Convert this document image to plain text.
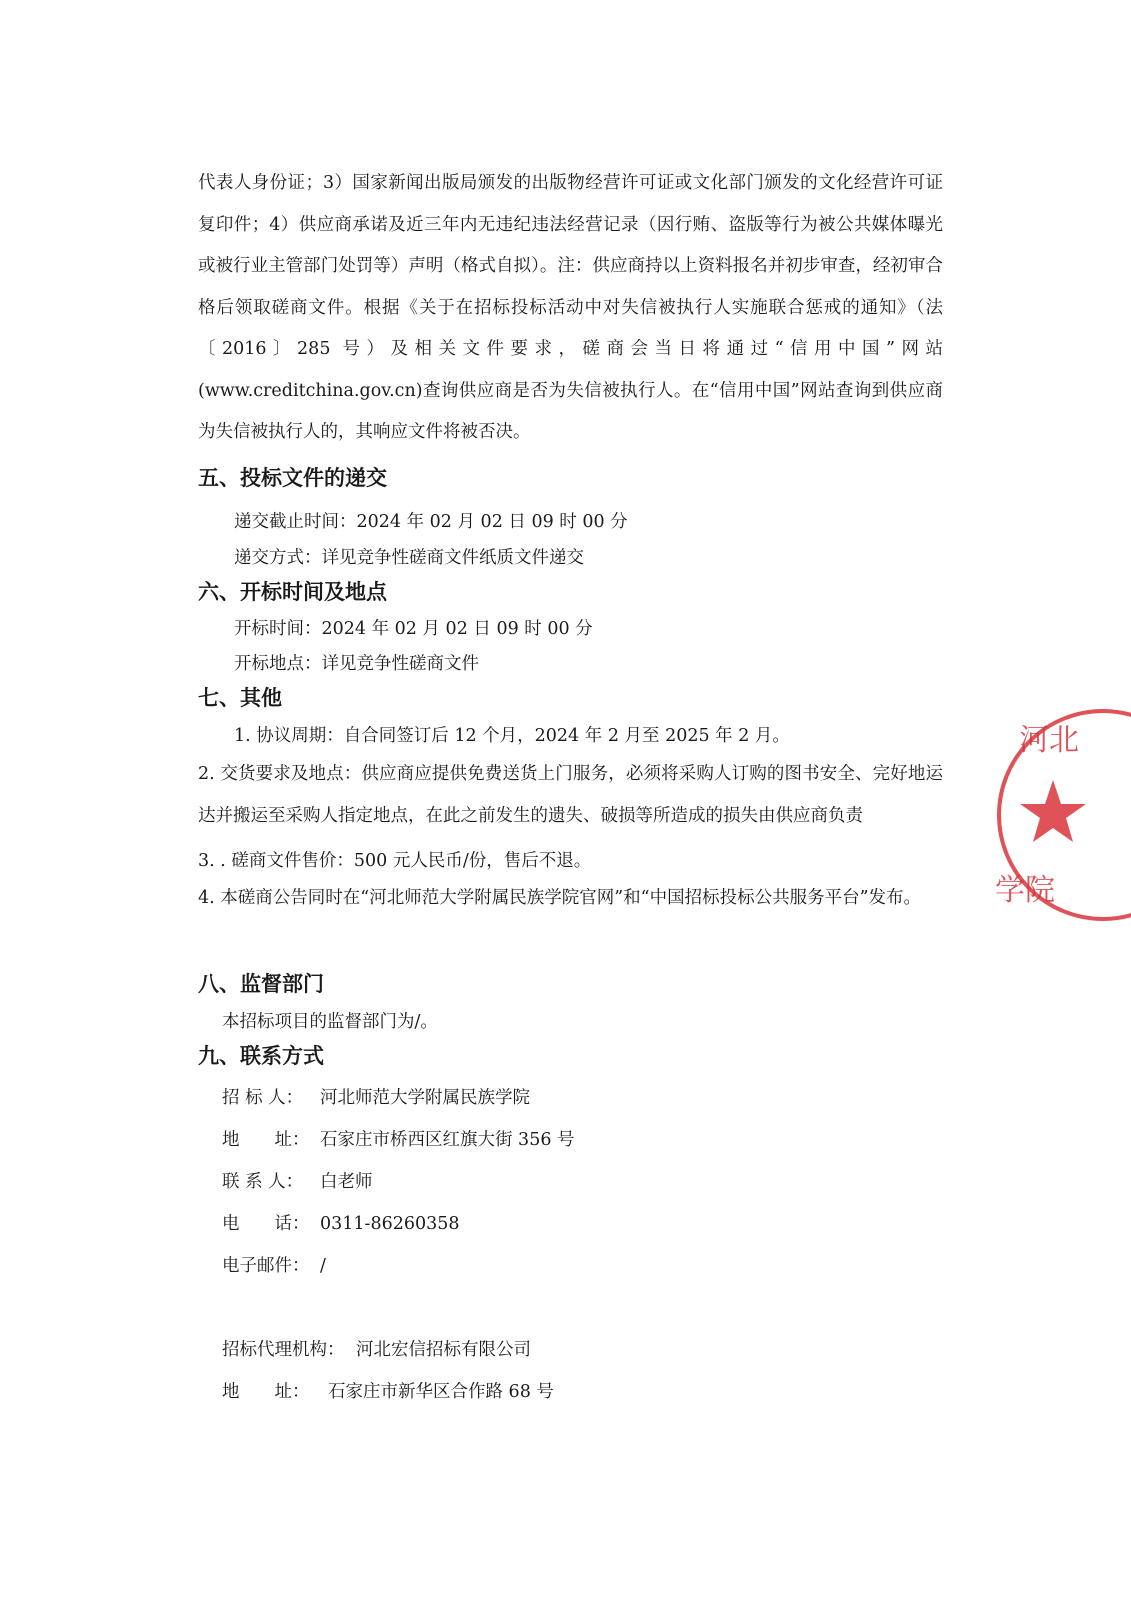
代表人身份证；3）国家新闻出版局颁发的出版物经营许可证或文化部门颁发的文化经营许可证复印件；4）供应商承诺及近三年内无违纪违法经营记录（因行贿、盗版等行为被公共媒体曝光或被行业主管部门处罚等）声明（格式自拟）。注：供应商持以上资料报名并初步审查，经初审合格后领取磋商文件。根据《关于在招标投标活动中对失信被执行人实施联合惩戒的通知》（法〔2016〕285 号）及相关文件要求，磋商会当日将通过“信用中国”网站(www.creditchina.gov.cn)查询供应商是否为失信被执行人。在“信用中国”网站查询到供应商为失信被执行人的，其响应文件将被否决。

五、投标文件的递交

递交截止时间：2024 年 02 月 02 日 09 时 00 分

递交方式：详见竞争性磋商文件纸质文件递交

六、开标时间及地点

开标时间：2024 年 02 月 02 日 09 时 00 分

开标地点：详见竞争性磋商文件

七、其他

1. 协议周期：自合同签订后 12 个月，2024 年 2 月至 2025 年 2 月。

2. 交货要求及地点：供应商应提供免费送货上门服务，必须将采购人订购的图书安全、完好地运达并搬运至采购人指定地点，在此之前发生的遗失、破损等所造成的损失由供应商负责

3. . 磋商文件售价：500 元人民币/份，售后不退。

4. 本磋商公告同时在“河北师范大学附属民族学院官网”和“中国招标投标公共服务平台”发布。

八、监督部门

本招标项目的监督部门为/。

九、联系方式
招 标 人： 河北师范大学附属民族学院
地　　址： 石家庄市桥西区红旗大街 356 号
联 系 人： 白老师
电　　话： 0311-86260358
电子邮件： /
招标代理机构： 河北宏信招标有限公司
地　　址： 石家庄市新华区合作路 68 号
河北
学院
